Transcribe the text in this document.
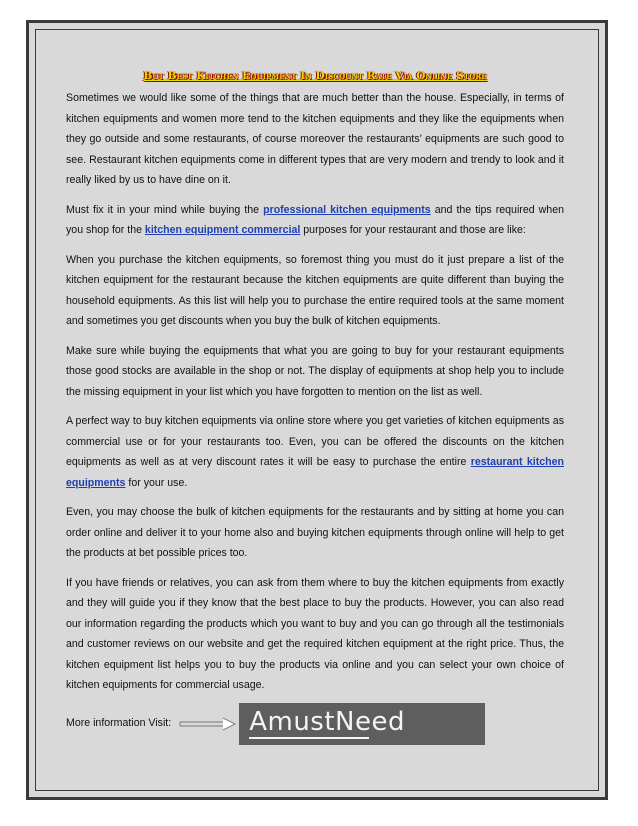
But Best Kitchen Equipment In Discount Rate Via Online Store

Sometimes we would like some of the things that are much better than the house. Especially, in terms of kitchen equipments and women more tend to the kitchen equipments and they like the equipments when they go outside and some restaurants, of course moreover the restaurants’ equipments are such good to see. Restaurant kitchen equipments come in different types that are very modern and trendy to look and it really liked by us to have dine on it.

Must fix it in your mind while buying the professional kitchen equipments and the tips required when you shop for the kitchen equipment commercial purposes for your restaurant and those are like:

When you purchase the kitchen equipments, so foremost thing you must do it just prepare a list of the kitchen equipment for the restaurant because the kitchen equipments are quite different than buying the household equipments. As this list will help you to purchase the entire required tools at the same moment and sometimes you get discounts when you buy the bulk of kitchen equipments.

Make sure while buying the equipments that what you are going to buy for your restaurant equipments those good stocks are available in the shop or not. The display of equipments at shop help you to include the missing equipment in your list which you have forgotten to mention on the list as well.

A perfect way to buy kitchen equipments via online store where you get varieties of kitchen equipments as commercial use or for your restaurants too. Even, you can be offered the discounts on the kitchen equipments as well as at very discount rates it will be easy to purchase the entire restaurant kitchen equipments for your use.

Even, you may choose the bulk of kitchen equipments for the restaurants and by sitting at home you can order online and deliver it to your home also and buying kitchen equipments through online will help to get the products at bet possible prices too.

If you have friends or relatives, you can ask from them where to buy the kitchen equipments from exactly and they will guide you if they know that the best place to buy the products. However, you can also read our information regarding the products which you want to buy and you can go through all the testimonials and customer reviews on our website and get the required kitchen equipment at the right price. Thus, the kitchen equipment list helps you to buy the products via online and you can select your own choice of kitchen equipments for commercial usage.

More information Visit:	AmustNeed
